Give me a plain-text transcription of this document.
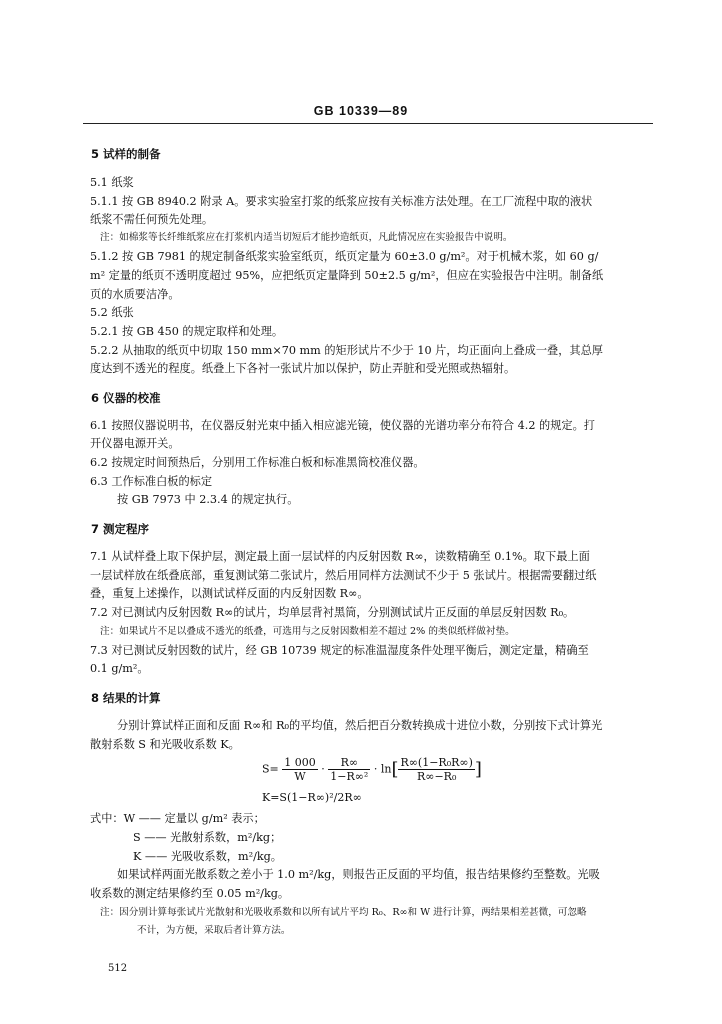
GB 10339—89
5 试样的制备
5.1 纸浆
5.1.1 按 GB 8940.2 附录 A。要求实验室打浆的纸浆应按有关标准方法处理。在工厂流程中取的液状
纸浆不需任何预先处理。
注：如棉浆等长纤维纸浆应在打浆机内适当切短后才能抄造纸页，凡此情况应在实验报告中说明。
5.1.2 按 GB 7981 的规定制备纸浆实验室纸页，纸页定量为 60±3.0 g/m²。对于机械木浆，如 60 g/
m² 定量的纸页不透明度超过 95%，应把纸页定量降到 50±2.5 g/m²，但应在实验报告中注明。制备纸
页的水质要洁净。
5.2 纸张
5.2.1 按 GB 450 的规定取样和处理。
5.2.2 从抽取的纸页中切取 150 mm×70 mm 的矩形试片不少于 10 片，均正面向上叠成一叠，其总厚
度达到不透光的程度。纸叠上下各衬一张试片加以保护，防止弄脏和受光照或热辐射。
6 仪器的校准
6.1 按照仪器说明书，在仪器反射光束中插入相应滤光镜，使仪器的光谱功率分布符合 4.2 的规定。打
开仪器电源开关。
6.2 按规定时间预热后，分别用工作标准白板和标准黑筒校准仪器。
6.3 工作标准白板的标定
按 GB 7973 中 2.3.4 的规定执行。
7 测定程序
7.1 从试样叠上取下保护层，测定最上面一层试样的内反射因数 R∞，读数精确至 0.1%。取下最上面
一层试样放在纸叠底部，重复测试第二张试片，然后用同样方法测试不少于 5 张试片。根据需要翻过纸
叠，重复上述操作，以测试试样反面的内反射因数 R∞。
7.2 对已测试内反射因数 R∞的试片，均单层背衬黑筒，分别测试试片正反面的单层反射因数 R₀。
注：如果试片不足以叠成不透光的纸叠，可选用与之反射因数相差不超过 2% 的类似纸样做衬垫。
7.3 对已测试反射因数的试片，经 GB 10739 规定的标准温湿度条件处理平衡后，测定定量，精确至
0.1 g/m²。
8 结果的计算
分别计算试样正面和反面 R∞和 R₀的平均值，然后把百分数转换成十进位小数，分别按下式计算光
散射系数 S 和光吸收系数 K。
$S= \frac{1 000}{W} \cdot \frac{R\infty}{\text{1−R∞²}} \cdot \ln[ \frac{\text{R∞(1−R₀R∞)}}{\text{R∞−R₀}}$ ]
K=S(1−R∞)²/2R∞
式中：W —— 定量以 g/m² 表示；
S —— 光散射系数，m²/kg；
K —— 光吸收系数，m²/kg。
如果试样两面光散系数之差小于 1.0 m²/kg，则报告正反面的平均值，报告结果修约至整数。光吸
收系数的测定结果修约至 0.05 m²/kg。
注：因分别计算每张试片光散射和光吸收系数和以所有试片平均 R₀、R∞和 W 进行计算，两结果相差甚微，可忽略
不计，为方便，采取后者计算方法。
512
